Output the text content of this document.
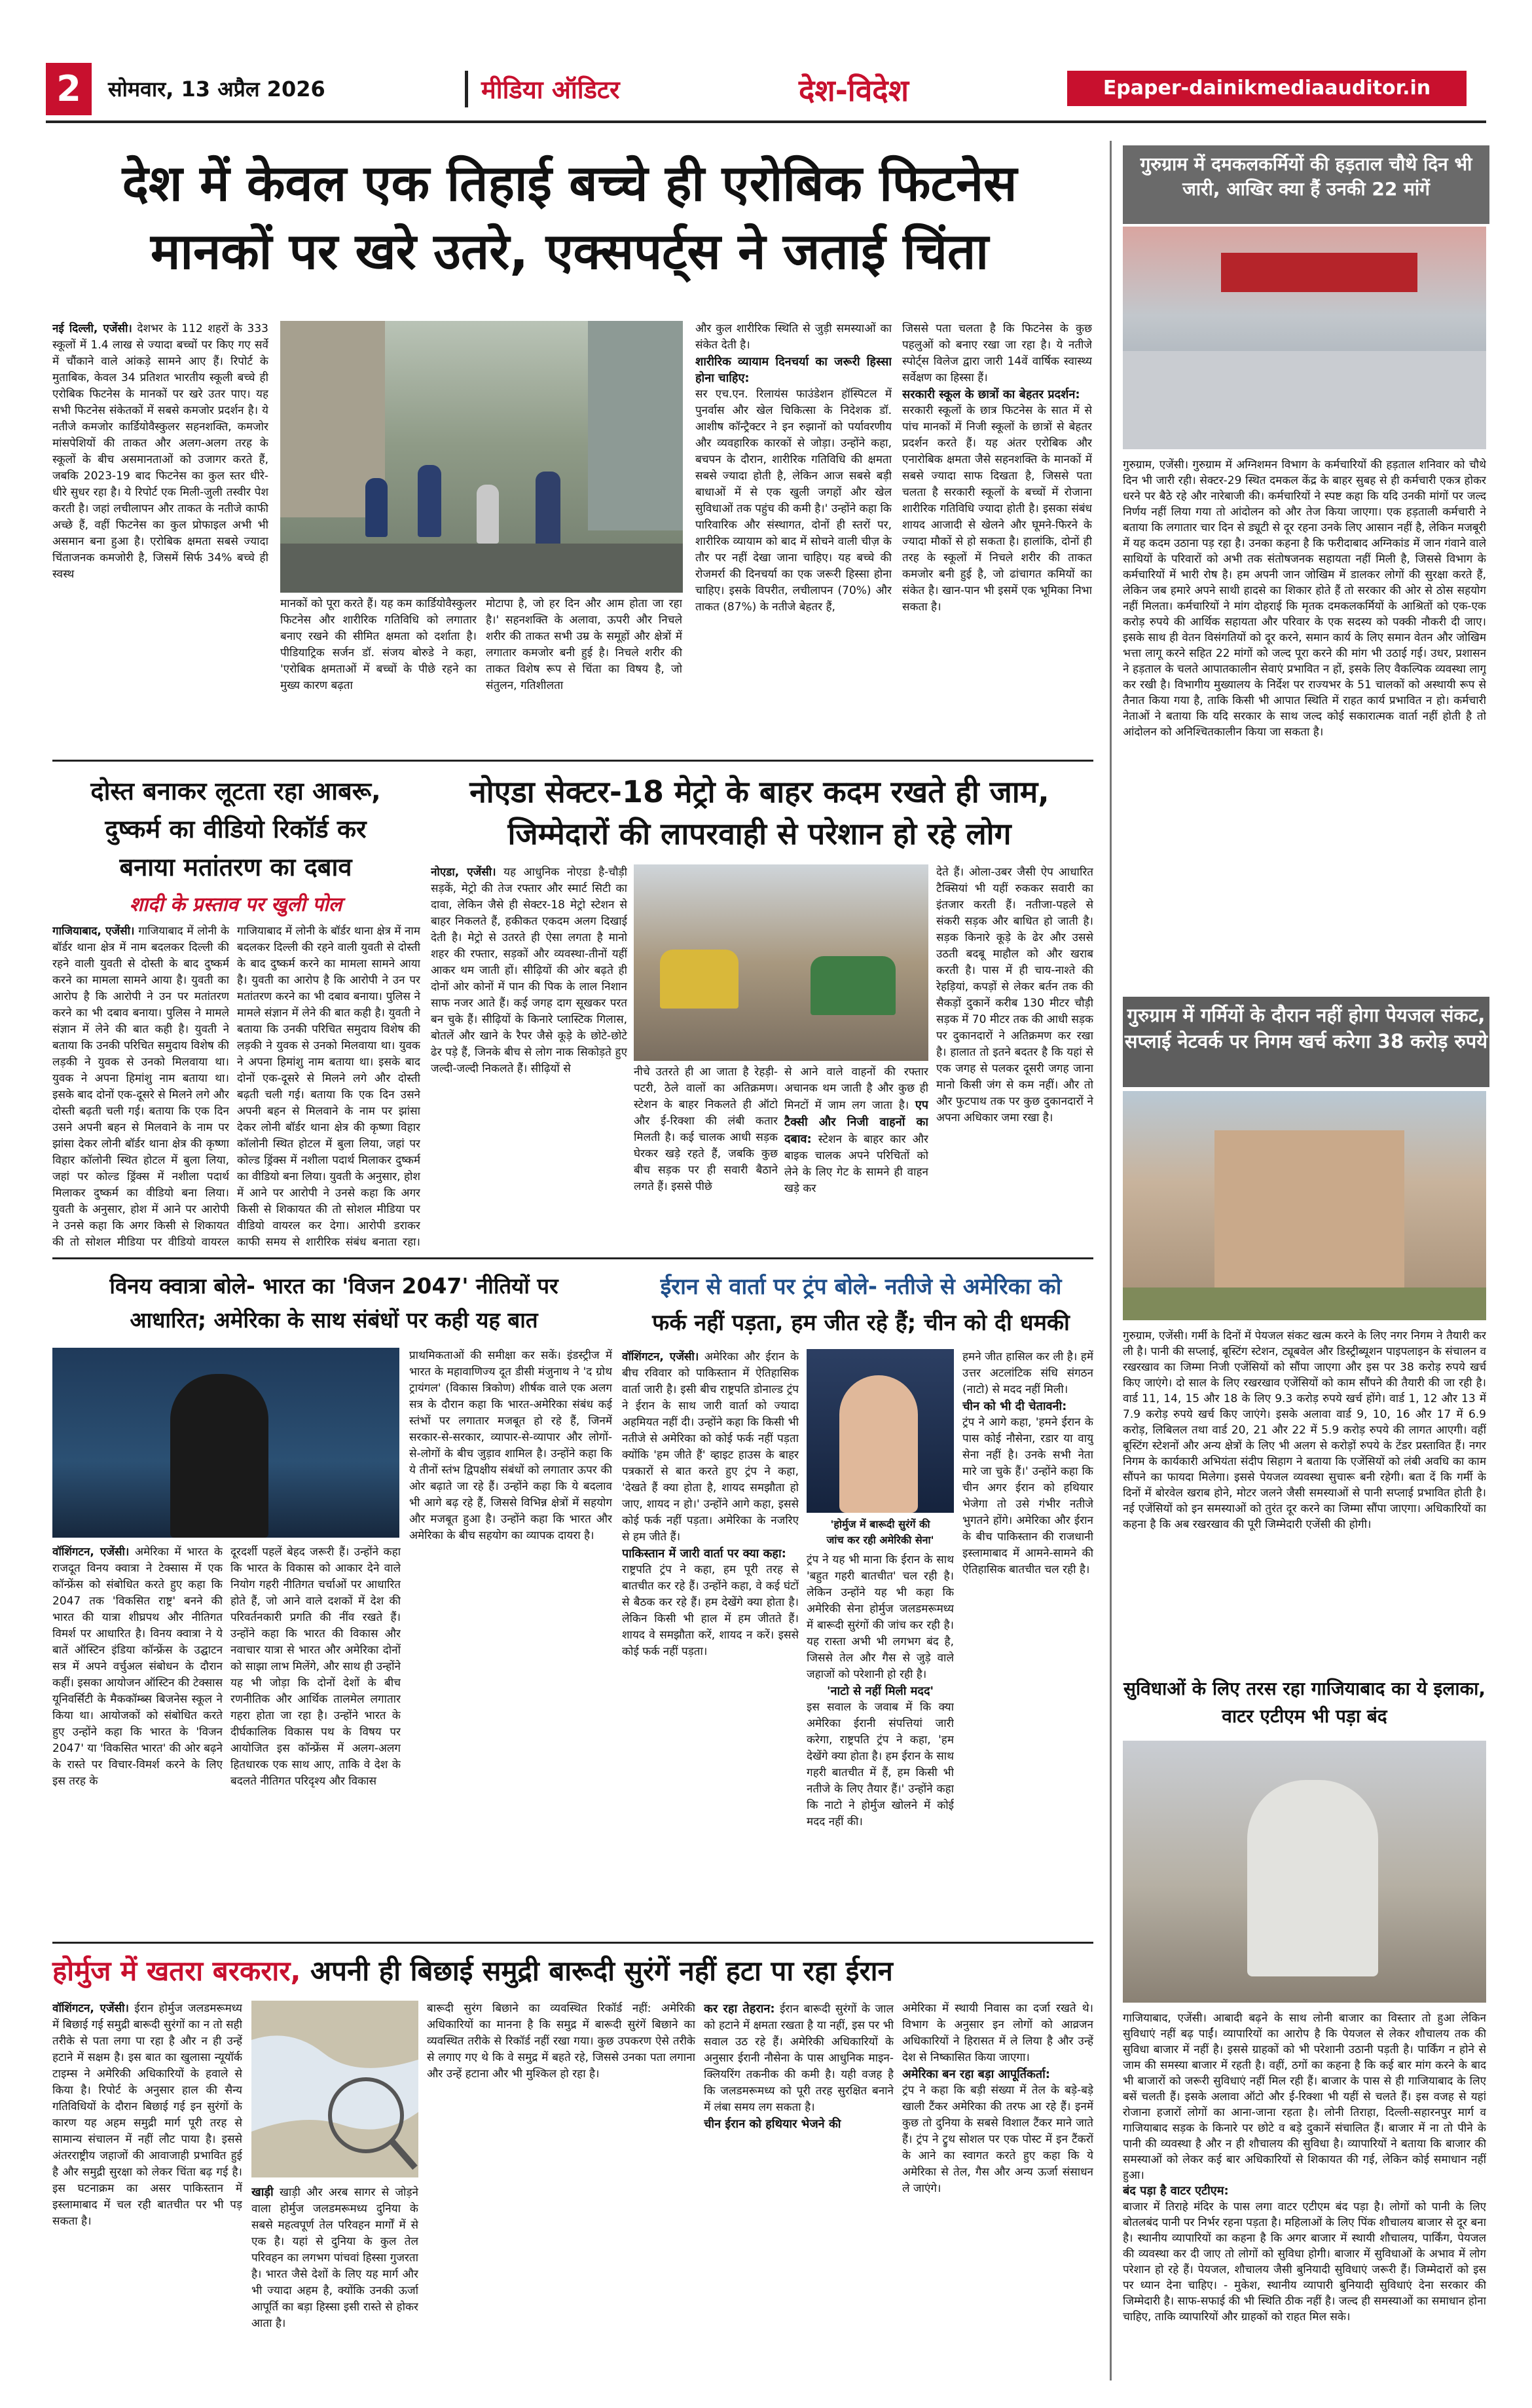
2	सोमवार, 13 अप्रैल 2026	मीडिया ऑडिटर	देश-विदेश	Epaper-dainikmediaauditor.in
देश में केवल एक तिहाई बच्चे ही एरोबिक फिटनेस
मानकों पर खरे उतरे, एक्सपर्ट्स ने जताई चिंता
नई दिल्ली, एजेंसी। देशभर के 112 शहरों के 333 स्कूलों में 1.4 लाख से ज्यादा बच्चों पर किए गए सर्वे में चौंकाने वाले आंकड़े सामने आए हैं। रिपोर्ट के मुताबिक, केवल 34 प्रतिशत भारतीय स्कूली बच्चे ही एरोबिक फिटनेस के मानकों पर खरे उतर पाए। यह सभी फिटनेस संकेतकों में सबसे कमजोर प्रदर्शन है। ये नतीजे कमजोर कार्डियोवैस्कुलर सहनशक्ति, कमजोर मांसपेशियों की ताकत और अलग-अलग तरह के स्कूलों के बीच असमानताओं को उजागर करते हैं, जबकि 2023-19 बाद फिटनेस का कुल स्तर धीरे-धीरे सुधर रहा है। ये रिपोर्ट एक मिली-जुली तस्वीर पेश करती है। जहां लचीलापन और ताकत के नतीजे काफी अच्छे हैं, वहीं फिटनेस का कुल प्रोफाइल अभी भी असमान बना हुआ है। एरोबिक क्षमता सबसे ज्यादा चिंताजनक कमजोरी है, जिसमें सिर्फ 34% बच्चे ही स्वस्थ
मानकों को पूरा करते हैं। यह कम कार्डियोवैस्कुलर फिटनेस और शारीरिक गतिविधि को लगातार बनाए रखने की सीमित क्षमता को दर्शाता है। पीडियाट्रिक सर्जन डॉ. संजय बोरुडे ने कहा, 'एरोबिक क्षमताओं में बच्चों के पीछे रहने का मुख्य कारण बढ़ता
मोटापा है, जो हर दिन और आम होता जा रहा है।' सहनशक्ति के अलावा, ऊपरी और निचले शरीर की ताकत सभी उम्र के समूहों और क्षेत्रों में लगातार कमजोर बनी हुई है। निचले शरीर की ताकत विशेष रूप से चिंता का विषय है, जो संतुलन, गतिशीलता
और कुल शारीरिक स्थिति से जुड़ी समस्याओं का संकेत देती है।
शारीरिक व्यायाम दिनचर्या का जरूरी हिस्सा होना चाहिए:
सर एच.एन. रिलायंस फाउंडेशन हॉस्पिटल में पुनर्वास और खेल चिकित्सा के निदेशक डॉ. आशीष कॉन्ट्रैक्टर ने इन रुझानों को पर्यावरणीय और व्यवहारिक कारकों से जोड़ा। उन्होंने कहा, बचपन के दौरान, शारीरिक गतिविधि की क्षमता सबसे ज्यादा होती है, लेकिन आज सबसे बड़ी बाधाओं में से एक खुली जगहों और खेल सुविधाओं तक पहुंच की कमी है।' उन्होंने कहा कि पारिवारिक और संस्थागत, दोनों ही स्तरों पर, शारीरिक व्यायाम को बाद में सोचने वाली चीज़ के तौर पर नहीं देखा जाना चाहिए। यह बच्चे की रोजमर्रा की दिनचर्या का एक जरूरी हिस्सा होना चाहिए। इसके विपरीत, लचीलापन (70%) और ताकत (87%) के नतीजे बेहतर हैं,
जिससे पता चलता है कि फिटनेस के कुछ पहलुओं को बनाए रखा जा रहा है। ये नतीजे स्पोर्ट्स विलेज द्वारा जारी 14वें वार्षिक स्वास्थ्य सर्वेक्षण का हिस्सा हैं।
सरकारी स्कूल के छात्रों का बेहतर प्रदर्शन:
सरकारी स्कूलों के छात्र फिटनेस के सात में से पांच मानकों में निजी स्कूलों के छात्रों से बेहतर प्रदर्शन करते हैं। यह अंतर एरोबिक और एनारोबिक क्षमता जैसे सहनशक्ति के मानकों में सबसे ज्यादा साफ दिखता है, जिससे पता चलता है सरकारी स्कूलों के बच्चों में रोजाना शारीरिक गतिविधि ज्यादा होती है। इसका संबंध शायद आजादी से खेलने और घूमने-फिरने के ज्यादा मौकों से हो सकता है। हालांकि, दोनों ही तरह के स्कूलों में निचले शरीर की ताकत कमजोर बनी हुई है, जो ढांचागत कमियों का संकेत है। खान-पान भी इसमें एक भूमिका निभा सकता है।
गुरुग्राम में दमकलकर्मियों की हड़ताल चौथे दिन भी जारी, आखिर क्या हैं उनकी 22 मांगें
गुरुग्राम, एजेंसी। गुरुग्राम में अग्निशमन विभाग के कर्मचारियों की हड़ताल शनिवार को चौथे दिन भी जारी रही। सेक्टर-29 स्थित दमकल केंद्र के बाहर सुबह से ही कर्मचारी एकत्र होकर धरने पर बैठे रहे और नारेबाजी की। कर्मचारियों ने स्पष्ट कहा कि यदि उनकी मांगों पर जल्द निर्णय नहीं लिया गया तो आंदोलन को और तेज किया जाएगा। एक हड़ताली कर्मचारी ने बताया कि लगातार चार दिन से ड्यूटी से दूर रहना उनके लिए आसान नहीं है, लेकिन मजबूरी में यह कदम उठाना पड़ रहा है। उनका कहना है कि फरीदाबाद अग्निकांड में जान गंवाने वाले साथियों के परिवारों को अभी तक संतोषजनक सहायता नहीं मिली है, जिससे विभाग के कर्मचारियों में भारी रोष है। हम अपनी जान जोखिम में डालकर लोगों की सुरक्षा करते हैं, लेकिन जब हमारे अपने साथी हादसे का शिकार होते हैं तो सरकार की ओर से ठोस सहयोग नहीं मिलता। कर्मचारियों ने मांग दोहराई कि मृतक दमकलकर्मियों के आश्रितों को एक-एक करोड़ रुपये की आर्थिक सहायता और परिवार के एक सदस्य को पक्की नौकरी दी जाए। इसके साथ ही वेतन विसंगतियों को दूर करने, समान कार्य के लिए समान वेतन और जोखिम भत्ता लागू करने सहित 22 मांगों को जल्द पूरा करने की मांग भी उठाई गई। उधर, प्रशासन ने हड़ताल के चलते आपातकालीन सेवाएं प्रभावित न हों, इसके लिए वैकल्पिक व्यवस्था लागू कर रखी है। विभागीय मुख्यालय के निर्देश पर राज्यभर के 51 चालकों को अस्थायी रूप से तैनात किया गया है, ताकि किसी भी आपात स्थिति में राहत कार्य प्रभावित न हो। कर्मचारी नेताओं ने बताया कि यदि सरकार के साथ जल्द कोई सकारात्मक वार्ता नहीं होती है तो आंदोलन को अनिश्चितकालीन किया जा सकता है।
गुरुग्राम में गर्मियों के दौरान नहीं होगा पेयजल संकट, सप्लाई नेटवर्क पर निगम खर्च करेगा 38 करोड़ रुपये
गुरुग्राम, एजेंसी। गर्मी के दिनों में पेयजल संकट खत्म करने के लिए नगर निगम ने तैयारी कर ली है। पानी की सप्लाई, बूस्टिंग स्टेशन, ट्यूबवेल और डिस्ट्रीब्यूशन पाइपलाइन के संचालन व रखरखाव का जिम्मा निजी एजेंसियों को सौंपा जाएगा और इस पर 38 करोड़ रुपये खर्च किए जाएंगे। दो साल के लिए रखरखाव एजेंसियों को काम सौंपने की तैयारी की जा रही है। वार्ड 11, 14, 15 और 18 के लिए 9.3 करोड़ रुपये खर्च होंगे। वार्ड 1, 12 और 13 में 7.9 करोड़ रुपये खर्च किए जाएंगे। इसके अलावा वार्ड 9, 10, 16 और 17 में 6.9 करोड़, लिबिलल तथा वार्ड 20, 21 और 22 में 5.9 करोड़ रुपये की लागत आएगी। वहीं बूस्टिंग स्टेशनों और अन्य क्षेत्रों के लिए भी अलग से करोड़ों रुपये के टेंडर प्रस्तावित हैं। नगर निगम के कार्यकारी अभियंता संदीप सिहाग ने बताया कि एजेंसियों को लंबी अवधि का काम सौंपने का फायदा मिलेगा। इससे पेयजल व्यवस्था सुचारू बनी रहेगी। बता दें कि गर्मी के दिनों में बोरवेल खराब होने, मोटर जलने जैसी समस्याओं से पानी सप्लाई प्रभावित होती है। नई एजेंसियों को इन समस्याओं को तुरंत दूर करने का जिम्मा सौंपा जाएगा। अधिकारियों का कहना है कि अब रखरखाव की पूरी जिम्मेदारी एजेंसी की होगी।
सुविधाओं के लिए तरस रहा गाजियाबाद का ये इलाका, वाटर एटीएम भी पड़ा बंद
गाजियाबाद, एजेंसी। आबादी बढ़ने के साथ लोनी बाजार का विस्तार तो हुआ लेकिन सुविधाएं नहीं बढ़ पाईं। व्यापारियों का आरोप है कि पेयजल से लेकर शौचालय तक की सुविधा बाजार में नहीं है। इससे ग्राहकों को भी परेशानी उठानी पड़ती है। पार्किंग न होने से जाम की समस्या बाजार में रहती है। वहीं, ठगों का कहना है कि कई बार मांग करने के बाद भी बाजारों को जरूरी सुविधाएं नहीं मिल रही हैं। बाजार के पास से ही गाजियाबाद के लिए बसें चलती हैं। इसके अलावा ऑटो और ई-रिक्शा भी यहीं से चलते हैं। इस वजह से यहां रोजाना हजारों लोगों का आना-जाना रहता है। लोनी तिराहा, दिल्ली-सहारनपुर मार्ग व गाजियाबाद सड़क के किनारे पर छोटे व बड़े दुकानें संचालित हैं। बाजार में ना तो पीने के पानी की व्यवस्था है और न ही शौचालय की सुविधा है। व्यापारियों ने बताया कि बाजार की समस्याओं को लेकर कई बार अधिकारियों से शिकायत की गई, लेकिन कोई समाधान नहीं हुआ।
बंद पड़ा है वाटर एटीएम:
बाजार में तिराहे मंदिर के पास लगा वाटर एटीएम बंद पड़ा है। लोगों को पानी के लिए बोतलबंद पानी पर निर्भर रहना पड़ता है। महिलाओं के लिए पिंक शौचालय बाजार से दूर बना है। स्थानीय व्यापारियों का कहना है कि अगर बाजार में स्थायी शौचालय, पार्किंग, पेयजल की व्यवस्था कर दी जाए तो लोगों को सुविधा होगी। बाजार में सुविधाओं के अभाव में लोग परेशान हो रहे हैं। पेयजल, शौचालय जैसी बुनियादी सुविधाएं जरूरी हैं। जिम्मेदारों को इस पर ध्यान देना चाहिए। - मुकेश, स्थानीय व्यापारी बुनियादी सुविधाएं देना सरकार की जिम्मेदारी है। साफ-सफाई की भी स्थिति ठीक नहीं है। जल्द ही समस्याओं का समाधान होना चाहिए, ताकि व्यापारियों और ग्राहकों को राहत मिल सके।
दोस्त बनाकर लूटता रहा आबरू,
दुष्कर्म का वीडियो रिकॉर्ड कर
बनाया मतांतरण का दबाव
शादी के प्रस्ताव पर खुली पोल
गाजियाबाद, एजेंसी। गाजियाबाद में लोनी के बॉर्डर थाना क्षेत्र में नाम बदलकर दिल्ली की रहने वाली युवती से दोस्ती के बाद दुष्कर्म करने का मामला सामने आया है। युवती का आरोप है कि आरोपी ने उन पर मतांतरण करने का भी दबाव बनाया। पुलिस ने मामले संज्ञान में लेने की बात कही है। युवती ने बताया कि उनकी परिचित समुदाय विशेष की लड़की ने युवक से उनको मिलवाया था। युवक ने अपना हिमांशु नाम बताया था। इसके बाद दोनों एक-दूसरे से मिलने लगे और दोस्ती बढ़ती चली गई। बताया कि एक दिन उसने अपनी बहन से मिलवाने के नाम पर झांसा देकर लोनी बॉर्डर थाना क्षेत्र की कृष्णा विहार कॉलोनी स्थित होटल में बुला लिया, जहां पर कोल्ड ड्रिंक्स में नशीला पदार्थ मिलाकर दुष्कर्म का वीडियो बना लिया। युवती के अनुसार, होश में आने पर आरोपी ने उनसे कहा कि अगर किसी से शिकायत की तो सोशल मीडिया पर वीडियो वायरल
गाजियाबाद में लोनी के बॉर्डर थाना क्षेत्र में नाम बदलकर दिल्ली की रहने वाली युवती से दोस्ती के बाद दुष्कर्म करने का मामला सामने आया है। युवती का आरोप है कि आरोपी ने उन पर मतांतरण करने का भी दबाव बनाया। पुलिस ने मामले संज्ञान में लेने की बात कही है। युवती ने बताया कि उनकी परिचित समुदाय विशेष की लड़की ने युवक से उनको मिलवाया था। युवक ने अपना हिमांशु नाम बताया था। इसके बाद दोनों एक-दूसरे से मिलने लगे और दोस्ती बढ़ती चली गई। बताया कि एक दिन उसने अपनी बहन से मिलवाने के नाम पर झांसा देकर लोनी बॉर्डर थाना क्षेत्र की कृष्णा विहार कॉलोनी स्थित होटल में बुला लिया, जहां पर कोल्ड ड्रिंक्स में नशीला पदार्थ मिलाकर दुष्कर्म का वीडियो बना लिया। युवती के अनुसार, होश में आने पर आरोपी ने उनसे कहा कि अगर किसी से शिकायत की तो सोशल मीडिया पर वीडियो वायरल कर देगा। आरोपी डराकर काफी समय से शारीरिक संबंध बनाता रहा।
नोएडा सेक्टर-18 मेट्रो के बाहर कदम रखते ही जाम,
जिम्मेदारों की लापरवाही से परेशान हो रहे लोग
नोएडा, एजेंसी। यह आधुनिक नोएडा है-चौड़ी सड़कें, मेट्रो की तेज रफ्तार और स्मार्ट सिटी का दावा, लेकिन जैसे ही सेक्टर-18 मेट्रो स्टेशन से बाहर निकलते हैं, हकीकत एकदम अलग दिखाई देती है। मेट्रो से उतरते ही ऐसा लगता है मानो शहर की रफ्तार, सड़कों और व्यवस्था-तीनों यहीं आकर थम जाती हों। सीढ़ियों की ओर बढ़ते ही दोनों ओर कोनों में पान की पिक के लाल निशान साफ नजर आते हैं। कई जगह दाग सूखकर परत बन चुके हैं। सीढ़ियों के किनारे प्लास्टिक गिलास, बोतलें और खाने के रैपर जैसे कूड़े के छोटे-छोटे ढेर पड़े हैं, जिनके बीच से लोग नाक सिकोड़ते हुए जल्दी-जल्दी निकलते हैं। सीढ़ियों से	नीचे उतरते ही आ जाता है रेहड़ी-पटरी, ठेले वालों का अतिक्रमण। स्टेशन के बाहर निकलते ही ऑटो और ई-रिक्शा की लंबी कतार मिलती है। कई चालक आधी सड़क घेरकर खड़े रहते हैं, जबकि कुछ बीच सड़क पर ही सवारी बैठाने लगते हैं। इससे पीछे
से आने वाले वाहनों की रफ्तार अचानक थम जाती है और कुछ ही मिनटों में जाम लग जाता है। एप टैक्सी और निजी वाहनों का दबाव: स्टेशन के बाहर कार और बाइक चालक अपने परिचितों को लेने के लिए गेट के सामने ही वाहन खड़े कर
देते हैं। ओला-उबर जैसी ऐप आधारित टैक्सियां भी यहीं रुककर सवारी का इंतजार करती हैं। नतीजा-पहले से संकरी सड़क और बाधित हो जाती है। सड़क किनारे कूड़े के ढेर और उससे उठती बदबू माहौल को और खराब करती है। पास में ही चाय-नाश्ते की रेहड़ियां, कपड़ों से लेकर बर्तन तक की सैकड़ों दुकानें करीब 130 मीटर चौड़ी सड़क में 70 मीटर तक की आधी सड़क पर दुकानदारों ने अतिक्रमण कर रखा है। हालात तो इतने बदतर है कि यहां से एक जगह से पलकर दूसरी जगह जाना मानो किसी जंग से कम नहीं। और तो और फुटपाथ तक पर कुछ दुकानदारों ने अपना अधिकार जमा रखा है।
विनय क्वात्रा बोले- भारत का 'विजन 2047' नीतियों पर
आधारित; अमेरिका के साथ संबंधों पर कही यह बात
वॉशिंगटन, एजेंसी। अमेरिका में भारत के राजदूत विनय क्वात्रा ने टेक्सास में एक कॉन्फ्रेंस को संबोधित करते हुए कहा कि 2047 तक 'विकसित राष्ट्र' बनने की भारत की यात्रा शीघ्रपथ और नीतिगत विमर्श पर आधारित है। विनय क्वात्रा ने ये बातें ऑस्टिन इंडिया कॉन्फ्रेंस के उद्घाटन सत्र में अपने वर्चुअल संबोधन के दौरान कहीं। इसका आयोजन ऑस्टिन की टेक्सास यूनिवर्सिटी के मैककॉम्ब्स बिजनेस स्कूल ने किया था। आयोजकों को संबोधित करते हुए उन्होंने कहा कि भारत के 'विजन 2047' या 'विकसित भारत' की ओर बढ़ने के रास्ते पर विचार-विमर्श करने के लिए इस तरह के
दूरदर्शी पहलें बेहद जरूरी हैं। उन्होंने कहा कि भारत के विकास को आकार देने वाले नियोग गहरी नीतिगत चर्चाओं पर आधारित होते हैं, जो आने वाले दशकों में देश की परिवर्तनकारी प्रगति की नींव रखते हैं। उन्होंने कहा कि भारत की विकास और नवाचार यात्रा से भारत और अमेरिका दोनों को साझा लाभ मिलेंगे, और साथ ही उन्होंने यह भी जोड़ा कि दोनों देशों के बीच रणनीतिक और आर्थिक तालमेल लगातार गहरा होता जा रहा है। उन्होंने भारत के दीर्घकालिक विकास पथ के विषय पर आयोजित इस कॉन्फ्रेंस में अलग-अलग हितधारक एक साथ आए, ताकि वे देश के बदलते नीतिगत परिदृश्य और विकास
प्राथमिकताओं की समीक्षा कर सकें। इंडस्ट्रीज में भारत के महावाणिज्य दूत डीसी मंजुनाथ ने 'द ग्रोथ ट्रायंगल' (विकास त्रिकोण) शीर्षक वाले एक अलग सत्र के दौरान कहा कि भारत-अमेरिका संबंध कई स्तंभों पर लगातार मजबूत हो रहे हैं, जिनमें सरकार-से-सरकार, व्यापार-से-व्यापार और लोगों-से-लोगों के बीच जुड़ाव शामिल है। उन्होंने कहा कि ये तीनों स्तंभ द्विपक्षीय संबंधों को लगातार ऊपर की ओर बढ़ाते जा रहे हैं। उन्होंने कहा कि ये बदलाव भी आगे बढ़ रहे हैं, जिससे विभिन्न क्षेत्रों में सहयोग और मजबूत हुआ है। उन्होंने कहा कि भारत और अमेरिका के बीच सहयोग का व्यापक दायरा है।
ईरान से वार्ता पर ट्रंप बोले- नतीजे से अमेरिका को
फर्क नहीं पड़ता, हम जीत रहे हैं; चीन को दी धमकी
वॉशिंगटन, एजेंसी। अमेरिका और ईरान के बीच रविवार को पाकिस्तान में ऐतिहासिक वार्ता जारी है। इसी बीच राष्ट्रपति डोनाल्ड ट्रंप ने ईरान के साथ जारी वार्ता को ज्यादा अहमियत नहीं दी। उन्होंने कहा कि किसी भी नतीजे से अमेरिका को कोई फर्क नहीं पड़ता क्योंकि 'हम जीते हैं' व्हाइट हाउस के बाहर पत्रकारों से बात करते हुए ट्रंप ने कहा, 'देखते हैं क्या होता है, शायद समझौता हो जाए, शायद न हो।' उन्होंने आगे कहा, इससे कोई फर्क नहीं पड़ता। अमेरिका के नजरिए से हम जीते हैं।
पाकिस्तान में जारी वार्ता पर क्या कहा:
राष्ट्रपति ट्रंप ने कहा, हम पूरी तरह से बातचीत कर रहे हैं। उन्होंने कहा, वे कई घंटों से बैठक कर रहे हैं। हम देखेंगे क्या होता है। लेकिन किसी भी हाल में हम जीतते हैं। शायद वे समझौता करें, शायद न करें। इससे कोई फर्क नहीं पड़ता।
'होर्मुज में बारूदी सुरंगें की
जांच कर रही अमेरिकी सेना'
ट्रंप ने यह भी माना कि ईरान के साथ 'बहुत गहरी बातचीत' चल रही है। लेकिन उन्होंने यह भी कहा कि अमेरिकी सेना होर्मुज जलडमरूमध्य में बारूदी सुरंगों की जांच कर रही है। यह रास्ता अभी भी लगभग बंद है, जिससे तेल और गैस से जुड़े वाले जहाजों को परेशानी हो रही है।
'नाटो से नहीं मिली मदद'
इस सवाल के जवाब में कि क्या अमेरिका ईरानी संपत्तियां जारी करेगा, राष्ट्रपति ट्रंप ने कहा, 'हम देखेंगे क्या होता है। हम ईरान के साथ गहरी बातचीत में हैं, हम किसी भी नतीजे के लिए तैयार हैं।' उन्होंने कहा कि नाटो ने होर्मुज खोलने में कोई मदद नहीं की।
हमने जीत हासिल कर ली है। हमें उत्तर अटलांटिक संधि संगठन (नाटो) से मदद नहीं मिली।
चीन को भी दी चेतावनी:
ट्रंप ने आगे कहा, 'हमने ईरान के पास कोई नौसेना, रडार या वायु सेना नहीं है। उनके सभी नेता मारे जा चुके हैं।' उन्होंने कहा कि चीन अगर ईरान को हथियार भेजेगा तो उसे गंभीर नतीजे भुगतने होंगे। अमेरिका और ईरान के बीच पाकिस्तान की राजधानी इस्लामाबाद में आमने-सामने की ऐतिहासिक बातचीत चल रही है।
होर्मुज में खतरा बरकरार, अपनी ही बिछाई समुद्री बारूदी सुरंगें नहीं हटा पा रहा ईरान
वॉशिंगटन, एजेंसी। ईरान होर्मुज जलडमरूमध्य में बिछाई गई समुद्री बारूदी सुरंगों का न तो सही तरीके से पता लगा पा रहा है और न ही उन्हें हटाने में सक्षम है। इस बात का खुलासा न्यूयॉर्क टाइम्स ने अमेरिकी अधिकारियों के हवाले से किया है। रिपोर्ट के अनुसार हाल की सैन्य गतिविधियों के दौरान बिछाई गई इन सुरंगों के कारण यह अहम समुद्री मार्ग पूरी तरह से सामान्य संचालन में नहीं लौट पाया है। इससे अंतरराष्ट्रीय जहाजों की आवाजाही प्रभावित हुई है और समुद्री सुरक्षा को लेकर चिंता बढ़ गई है। इस घटनाक्रम का असर पाकिस्तान में इस्लामाबाद में चल रही बातचीत पर भी पड़ सकता है।
खाड़ी खाड़ी और अरब सागर से जोड़ने वाला होर्मुज जलडमरूमध्य दुनिया के सबसे महत्वपूर्ण तेल परिवहन मार्गों में से एक है। यहां से दुनिया के कुल तेल परिवहन का लगभग पांचवां हिस्सा गुजरता है। भारत जैसे देशों के लिए यह मार्ग और भी ज्यादा अहम है, क्योंकि उनकी ऊर्जा आपूर्ति का बड़ा हिस्सा इसी रास्ते से होकर आता है।
बारूदी सुरंग बिछाने का व्यवस्थित रिकॉर्ड नहीं: अमेरिकी अधिकारियों का मानना है कि समुद्र में बारूदी सुरंगें बिछाने का व्यवस्थित तरीके से रिकॉर्ड नहीं रखा गया। कुछ उपकरण ऐसे तरीके से लगाए गए थे कि वे समुद्र में बहते रहे, जिससे उनका पता लगाना और उन्हें हटाना और भी मुश्किल हो रहा है।
कर रहा तेहरान: ईरान बारूदी सुरंगों के जाल को हटाने में क्षमता रखता है या नहीं, इस पर भी सवाल उठ रहे हैं। अमेरिकी अधिकारियों के अनुसार ईरानी नौसेना के पास आधुनिक माइन-क्लियरिंग तकनीक की कमी है। यही वजह है कि जलडमरूमध्य को पूरी तरह सुरक्षित बनाने में लंबा समय लग सकता है।
चीन ईरान को हथियार भेजने की
अमेरिका में स्थायी निवास का दर्जा रखते थे। विभाग के अनुसार इन लोगों को आव्रजन अधिकारियों ने हिरासत में ले लिया है और उन्हें देश से निष्कासित किया जाएगा।
अमेरिका बन रहा बड़ा आपूर्तिकर्ता:
ट्रंप ने कहा कि बड़ी संख्या में तेल के बड़े-बड़े खाली टैंकर अमेरिका की तरफ आ रहे हैं। इनमें कुछ तो दुनिया के सबसे विशाल टैंकर माने जाते हैं। ट्रंप ने ट्रुथ सोशल पर एक पोस्ट में इन टैंकरों के आने का स्वागत करते हुए कहा कि ये अमेरिका से तेल, गैस और अन्य ऊर्जा संसाधन ले जाएंगे।
